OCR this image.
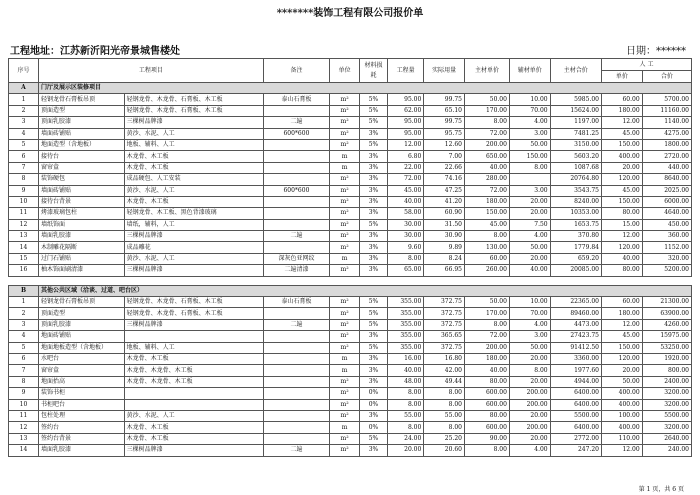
*******装饰工程有限公司报价单
工程地址：江苏新沂阳光帝景城售楼处	日期：******
序号	工程项目		备注	单位	材料损耗	工程量	实际用量	主材单价	辅材单价	主材合价	人 工	
											单价	合价
A	门厅及展示区装修项目											
1	轻钢龙骨石膏板吊顶	轻钢龙骨、木龙骨、石膏板、木工板	泰山石膏板	m²	5%	95.00	99.75	50.00	10.00	5985.00	60.00	5700.00
2	顶面造型	轻钢龙骨、木龙骨、石膏板、木工板		m²	5%	62.00	65.10	170.00	70.00	15624.00	180.00	11160.00
3	顶面乳胶漆	三棵树品牌漆	二遍	m²	5%	95.00	99.75	8.00	4.00	1197.00	12.00	1140.00
4	墙面砖铺贴	黄沙、水泥、人工	600*600	m²	3%	95.00	95.75	72.00	3.00	7481.25	45.00	4275.00
5	地面造型（含地板）	地板、辅料、人工		m²	5%	12.00	12.60	200.00	50.00	3150.00	150.00	1800.00
6	接待台	木龙骨、木工板		m	3%	6.80	7.00	650.00	150.00	5603.20	400.00	2720.00
7	窗帘盒	木龙骨、木工板		m	3%	22.00	22.66	40.00	8.00	1087.68	20.00	440.00
8	装饰硬包	成品硬包、人工安装		m²	3%	72.00	74.16	280.00		20764.80	120.00	8640.00
9	墙面砖铺贴	黄沙、水泥、人工	600*600	m²	3%	45.00	47.25	72.00	3.00	3543.75	45.00	2025.00
10	接待台背景	木龙骨、木工板		m²	3%	40.00	41.20	180.00	20.00	8240.00	150.00	6000.00
11	烤漆玻璃包柱	轻钢龙骨、木工板、黑色背漆玻璃		m²	3%	58.00	60.90	150.00	20.00	10353.00	80.00	4640.00
12	墙纸饰面	墙纸，辅料，人工		m²	5%	30.00	31.50	45.00	7.50	1653.75	15.00	450.00
13	墙面乳胶漆	三棵树品牌漆	二遍	m²	3%	30.00	30.90	8.00	4.00	370.80	12.00	360.00
14	木制雕花隔断	成品雕花		m²	3%	9.60	9.89	130.00	50.00	1779.84	120.00	1152.00
15	过门石铺贴	黄沙、水泥、人工	深灰色亚网纹	m	3%	8.00	8.24	60.00	20.00	659.20	40.00	320.00
16	柚木饰面刷清漆	三棵树品牌漆	二遍清漆	m²	3%	65.00	66.95	260.00	40.00	20085.00	80.00	5200.00

B	其他公共区域（洽谈、过道、吧台区）											
1	轻钢龙骨石膏板吊顶	轻钢龙骨、木龙骨、石膏板、木工板	泰山石膏板	m²	5%	355.00	372.75	50.00	10.00	22365.00	60.00	21300.00
2	顶面造型	轻钢龙骨、木龙骨、石膏板、木工板		m²	5%	355.00	372.75	170.00	70.00	89460.00	180.00	63900.00
3	顶面乳胶漆	三棵树品牌漆	二遍	m²	5%	355.00	372.75	8.00	4.00	4473.00	12.00	4260.00
4	地面砖铺贴			m²	3%	355.00	365.65	72.00	3.00	27423.75	45.00	15975.00
5	地面地板造型（含地板）	地板、辅料、人工		m²	5%	355.00	372.75	200.00	50.00	91412.50	150.00	53250.00
6	水吧台	木龙骨、木工板		m	3%	16.00	16.80	180.00	20.00	3360.00	120.00	1920.00
7	窗帘盒	木龙骨、木龙骨、木工板		m	3%	40.00	42.00	40.00	8.00	1977.60	20.00	800.00
8	地面抬高	木龙骨、木龙骨、木工板		m²	3%	48.00	49.44	80.00	20.00	4944.00	50.00	2400.00
9	装饰书柜			m²	0%	8.00	8.00	600.00	200.00	6400.00	400.00	3200.00
10	书柜吧台			m²	0%	8.00	8.00	600.00	200.00	6400.00	400.00	3200.00
11	包柱处理	黄沙、水泥、人工		m²	3%	55.00	55.00	80.00	20.00	5500.00	100.00	5500.00
12	签约台	木龙骨、木工板		m	0%	8.00	8.00	600.00	200.00	6400.00	400.00	3200.00
13	签约台背景	木龙骨、木工板		m²	5%	24.00	25.20	90.00	20.00	2772.00	110.00	2640.00
14	墙面乳胶漆	三棵树品牌漆	二遍	m²	3%	20.00	20.60	8.00	4.00	247.20	12.00	240.00
第 1 页，共 6 页
